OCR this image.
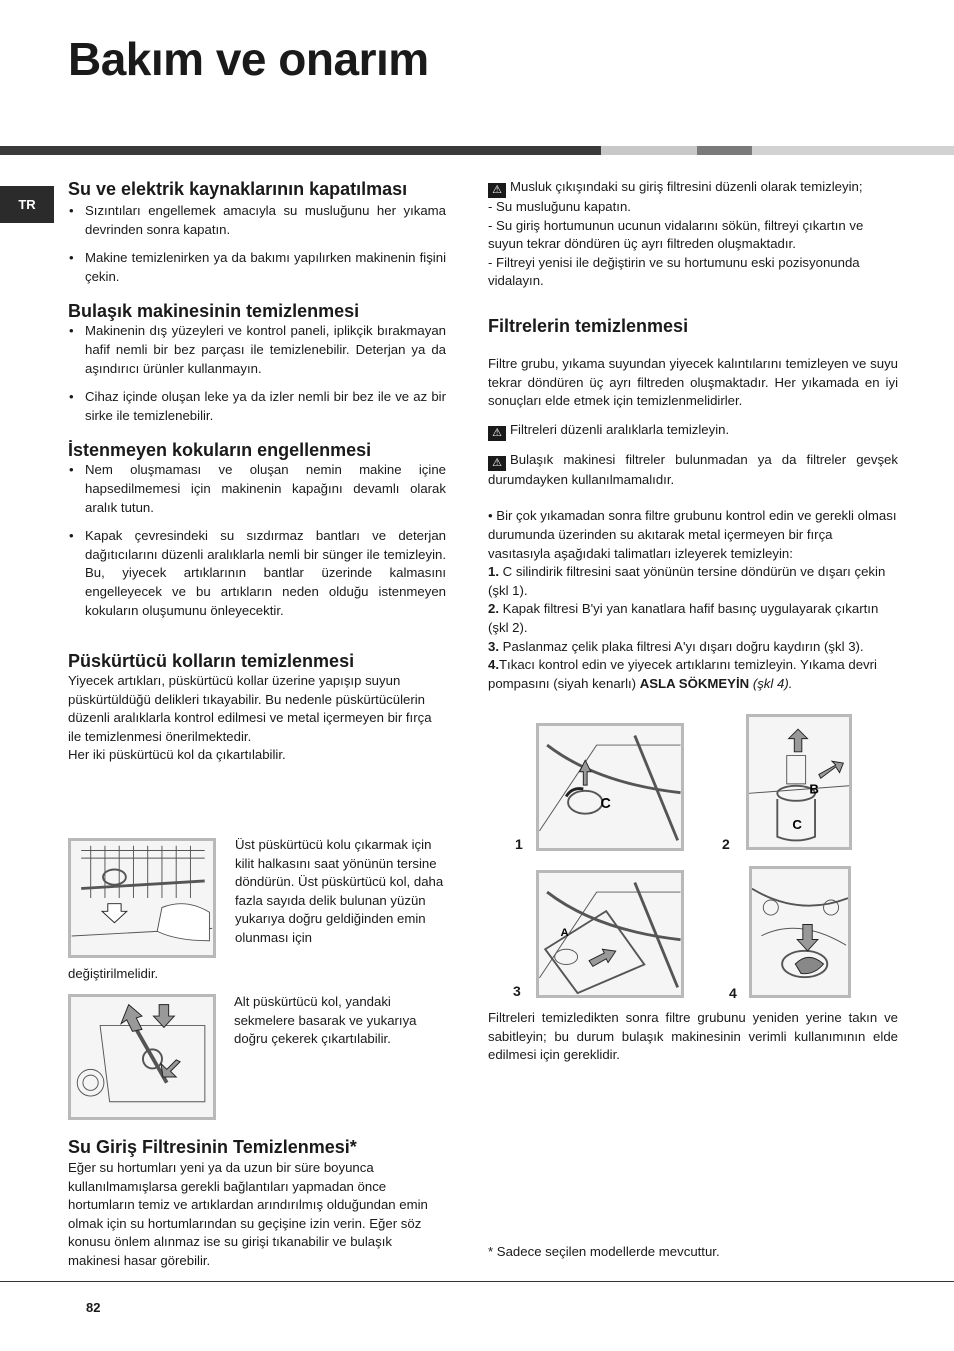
Bakım ve onarım
TR
Su ve elektrik kaynaklarının kapatılması
• Sızıntıları engellemek amacıyla su musluğunu her yıkama devrinden sonra kapatın.
• Makine temizlenirken ya da bakımı yapılırken makinenin fişini çekin.
Bulaşık makinesinin temizlenmesi
• Makinenin dış yüzeyleri ve kontrol paneli, iplikçik bırakmayan hafif nemli bir bez parçası ile temizlenebilir. Deterjan ya da aşındırıcı ürünler kullanmayın.
• Cihaz içinde oluşan leke ya da izler nemli bir bez ile ve az bir sirke ile temizlenebilir.
İstenmeyen kokuların engellenmesi
• Nem oluşmaması ve oluşan nemin makine içine hapsedilmemesi için makinenin kapağını devamlı olarak aralık tutun.
• Kapak çevresindeki su sızdırmaz bantları ve deterjan dağıtıcılarını düzenli aralıklarla nemli bir sünger ile temizleyin. Bu, yiyecek artıklarının bantlar üzerinde kalmasını engelleyecek ve bu artıkların neden olduğu istenmeyen kokuların oluşumunu önleyecektir.
Püskürtücü kolların temizlenmesi

Yiyecek artıkları, püskürtücü kollar üzerine yapışıp suyun püskürtüldüğü delikleri tıkayabilir. Bu nedenle püskürtücülerin düzenli aralıklarla kontrol edilmesi ve metal içermeyen bir fırça ile temizlenmesi önerilmektedir.

Her iki püskürtücü kol da çıkartılabilir.

Üst püskürtücü kolu çıkarmak için kilit halkasını saat yönünün tersine döndürün. Üst püskürtücü kol, daha fazla sayıda delik bulunan yüzün yukarıya doğru geldiğinden emin olunması için

değiştirilmelidir.

Alt püskürtücü kol, yandaki sekmelere basarak ve yukarıya doğru çekerek çıkartılabilir.

Su Giriş Filtresinin Temizlenmesi*

Eğer su hortumları yeni ya da uzun bir süre boyunca kullanılmamışlarsa gerekli bağlantıları yapmadan önce hortumların temiz ve artıklardan arındırılmış olduğundan emin olmak için su hortumlarından su geçişine izin verin. Eğer söz konusu önlem alınmaz ise su girişi tıkanabilir ve bulaşık makinesi hasar görebilir.

⚠ Musluk çıkışındaki su giriş filtresini düzenli olarak temizleyin;

- Su musluğunu kapatın.

- Su giriş hortumunun ucunun vidalarını sökün, filtreyi çıkartın ve suyun tekrar döndüren üç ayrı filtreden oluşmaktadır.

- Filtreyi yenisi ile değiştirin ve su hortumunu eski pozisyonunda vidalayın.

Filtrelerin temizlenmesi

Filtre grubu, yıkama suyundan yiyecek kalıntılarını temizleyen ve suyu tekrar döndüren üç ayrı filtreden oluşmaktadır. Her yıkamada en iyi sonuçları elde etmek için temizlenmelidirler.

⚠ Filtreleri düzenli aralıklarla temizleyin.

⚠ Bulaşık makinesi filtreler bulunmadan ya da filtreler gevşek durumdayken kullanılmamalıdır.

• Bir çok yıkamadan sonra filtre grubunu kontrol edin ve gerekli olması durumunda üzerinden su akıtarak metal içermeyen bir fırça vasıtasıyla aşağıdaki talimatları izleyerek temizleyin:

1. C silindirik filtresini saat yönünün tersine döndürün ve dışarı çekin (şkl 1).

2. Kapak filtresi B'yi yan kanatlara hafif basınç uygulayarak çıkartın (şkl 2).

3. Paslanmaz çelik plaka filtresi A'yı dışarı doğru kaydırın (şkl 3).

4.Tıkacı kontrol edin ve yiyecek artıklarını temizleyin. Yıkama devri pompasını (siyah kenarlı) ASLA SÖKMEYİN (şkl 4).

C
1
B
C
2
A
3	4

Filtreleri temizledikten sonra filtre grubunu yeniden yerine takın ve sabitleyin; bu durum bulaşık makinesinin verimli kullanımının elde edilmesi için gereklidir.

* Sadece seçilen modellerde mevcuttur.

82
